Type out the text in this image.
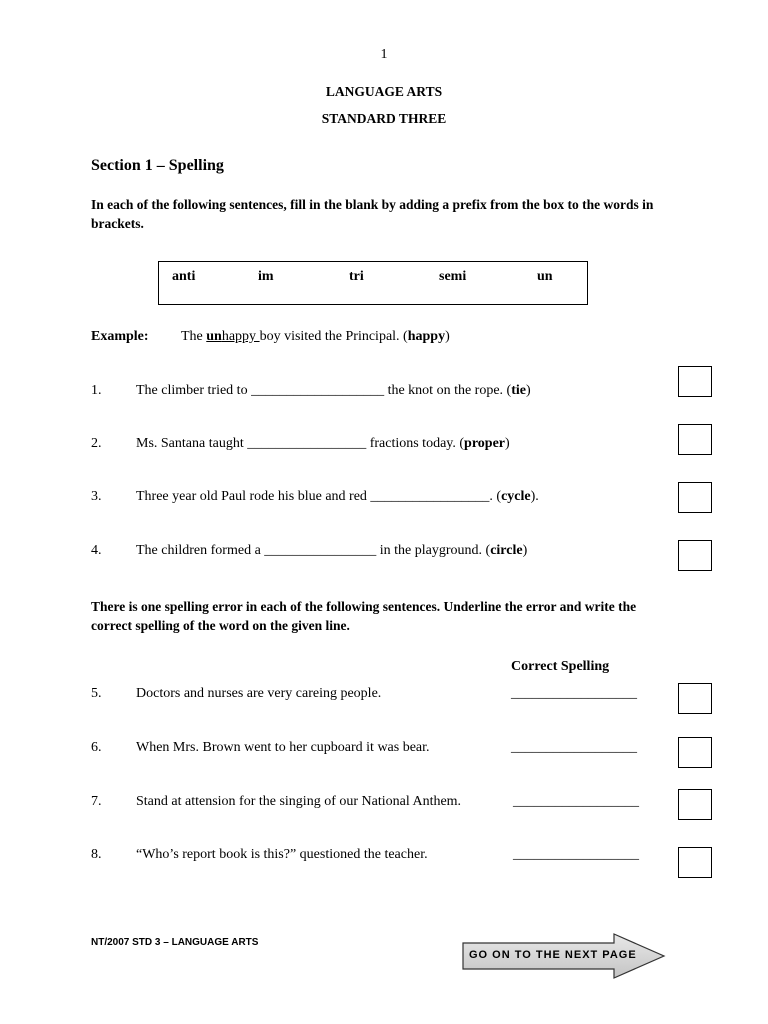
1
LANGUAGE ARTS
STANDARD THREE
Section 1 – Spelling
In each of the following sentences, fill in the blank by adding a prefix from the box to the words in brackets.
anti	im	tri	semi	un
Example: The unhappy boy visited the Principal. (happy)
1. The climber tried to ___________________ the knot on the rope. (tie)
2. Ms. Santana taught _________________ fractions today. (proper)
3. Three year old Paul rode his blue and red _________________. (cycle).
4. The children formed a ________________ in the playground. (circle)
There is one spelling error in each of the following sentences. Underline the error and write the correct spelling of the word on the given line.
Correct Spelling
5. Doctors and nurses are very careing people.	__________________
6. When Mrs. Brown went to her cupboard it was bear.	__________________
7. Stand at attension for the singing of our National Anthem.	__________________
8. “Who’s report book is this?” questioned the teacher.	__________________
NT/2007 STD 3 – LANGUAGE ARTS
GO ON TO THE NEXT PAGE
